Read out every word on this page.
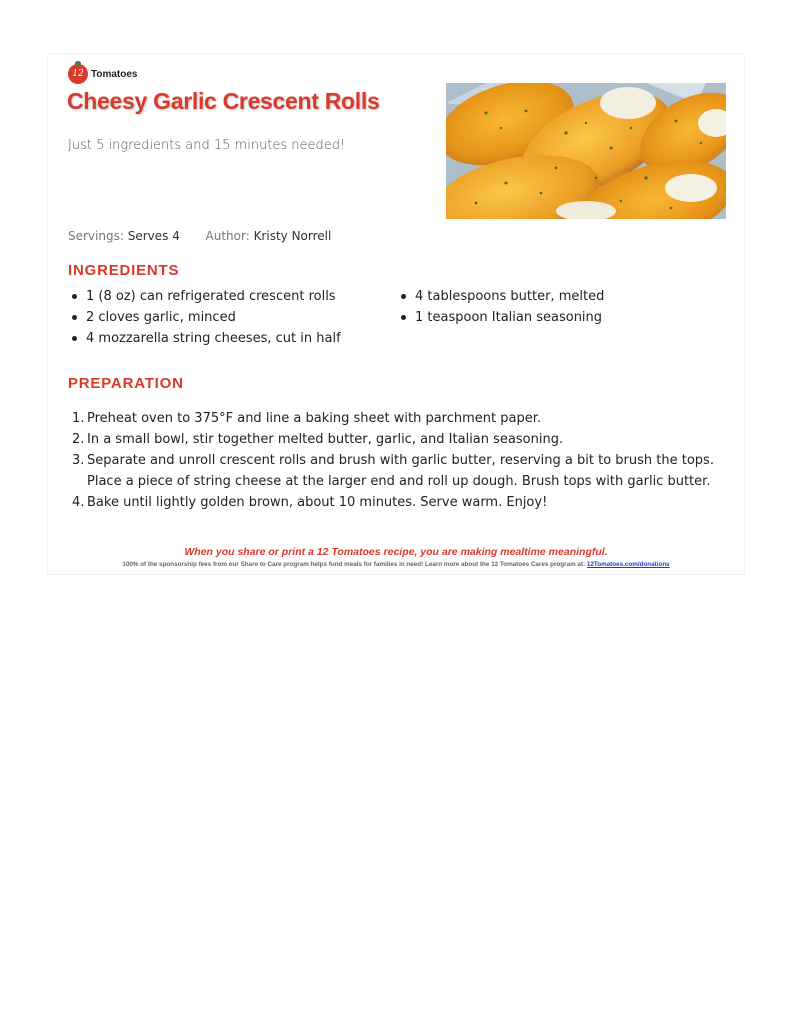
12 Tomatoes
Cheesy Garlic Crescent Rolls
Just 5 ingredients and 15 minutes needed!
Servings: Serves 4 Author: Kristy Norrell
INGREDIENTS
1 (8 oz) can refrigerated crescent rolls
2 cloves garlic, minced
4 mozzarella string cheeses, cut in half
4 tablespoons butter, melted
1 teaspoon Italian seasoning
PREPARATION
1. Preheat oven to 375°F and line a baking sheet with parchment paper.
2. In a small bowl, stir together melted butter, garlic, and Italian seasoning.
3. Separate and unroll crescent rolls and brush with garlic butter, reserving a bit to brush the tops. Place a piece of string cheese at the larger end and roll up dough. Brush tops with garlic butter.
4. Bake until lightly golden brown, about 10 minutes. Serve warm. Enjoy!
When you share or print a 12 Tomatoes recipe, you are making mealtime meaningful.
100% of the sponsorship fees from our Share to Care program helps fund meals for families in need! Learn more about the 12 Tomatoes Cares program at: 12Tomatoes.com/donations
